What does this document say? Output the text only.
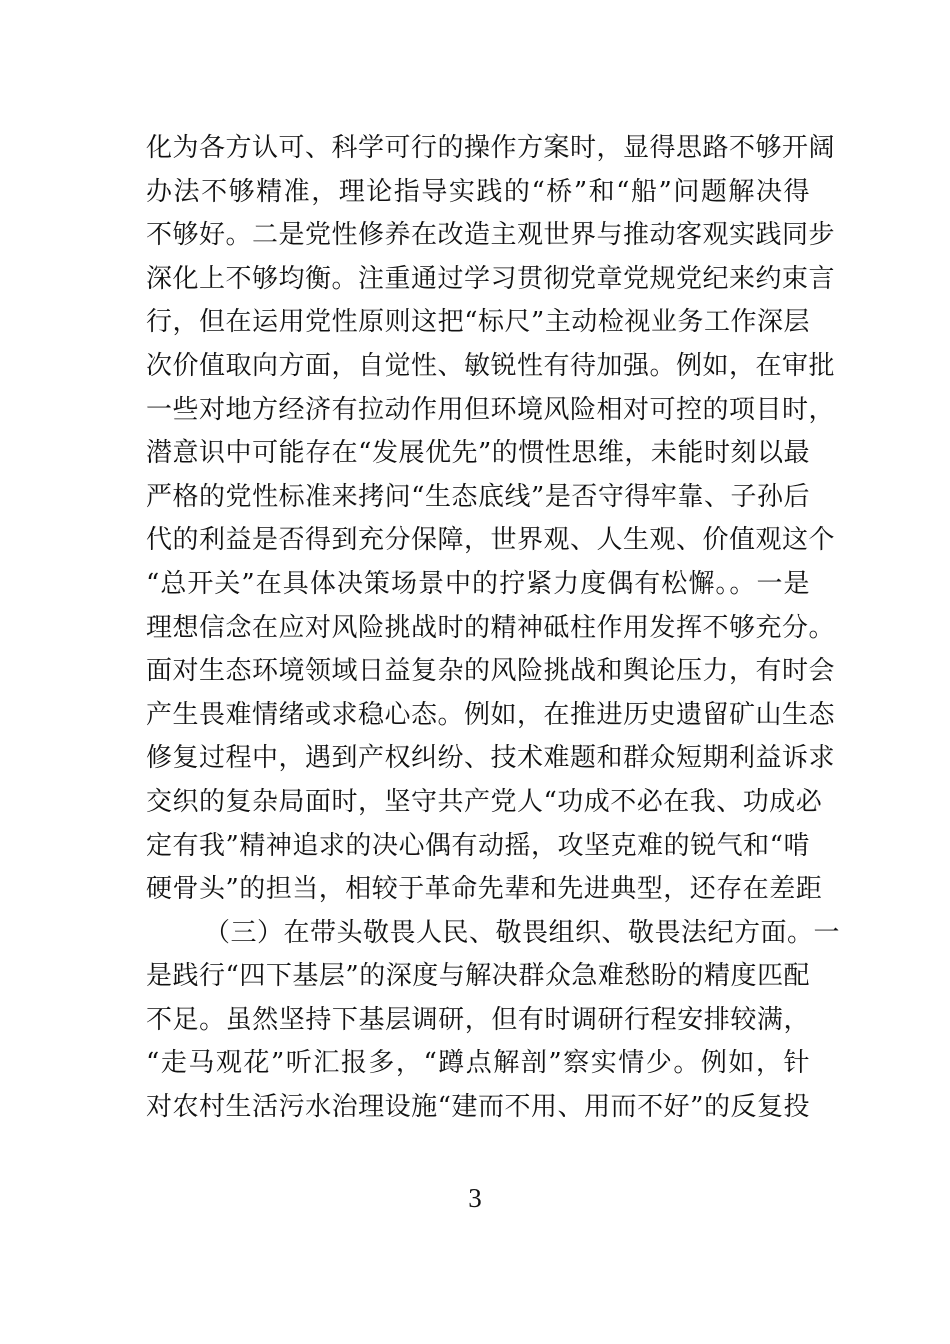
化为各方认可、科学可行的操作方案时，显得思路不够开阔
办法不够精准，理论指导实践的“桥”和“船”问题解决得
不够好。二是党性修养在改造主观世界与推动客观实践同步
深化上不够均衡。注重通过学习贯彻党章党规党纪来约束言
行，但在运用党性原则这把“标尺”主动检视业务工作深层
次价值取向方面，自觉性、敏锐性有待加强。例如，在审批
一些对地方经济有拉动作用但环境风险相对可控的项目时，
潜意识中可能存在“发展优先”的惯性思维，未能时刻以最
严格的党性标准来拷问“生态底线”是否守得牢靠、子孙后
代的利益是否得到充分保障，世界观、人生观、价值观这个
“总开关”在具体决策场景中的拧紧力度偶有松懈。。一是
理想信念在应对风险挑战时的精神砥柱作用发挥不够充分。
面对生态环境领域日益复杂的风险挑战和舆论压力，有时会
产生畏难情绪或求稳心态。例如，在推进历史遗留矿山生态
修复过程中，遇到产权纠纷、技术难题和群众短期利益诉求
交织的复杂局面时，坚守共产党人“功成不必在我、功成必
定有我”精神追求的决心偶有动摇，攻坚克难的锐气和“啃
硬骨头”的担当，相较于革命先辈和先进典型，还存在差距
（三）在带头敬畏人民、敬畏组织、敬畏法纪方面。一
是践行“四下基层”的深度与解决群众急难愁盼的精度匹配
不足。虽然坚持下基层调研，但有时调研行程安排较满，
“走马观花”听汇报多，“蹲点解剖”察实情少。例如，针
对农村生活污水治理设施“建而不用、用而不好”的反复投
3
